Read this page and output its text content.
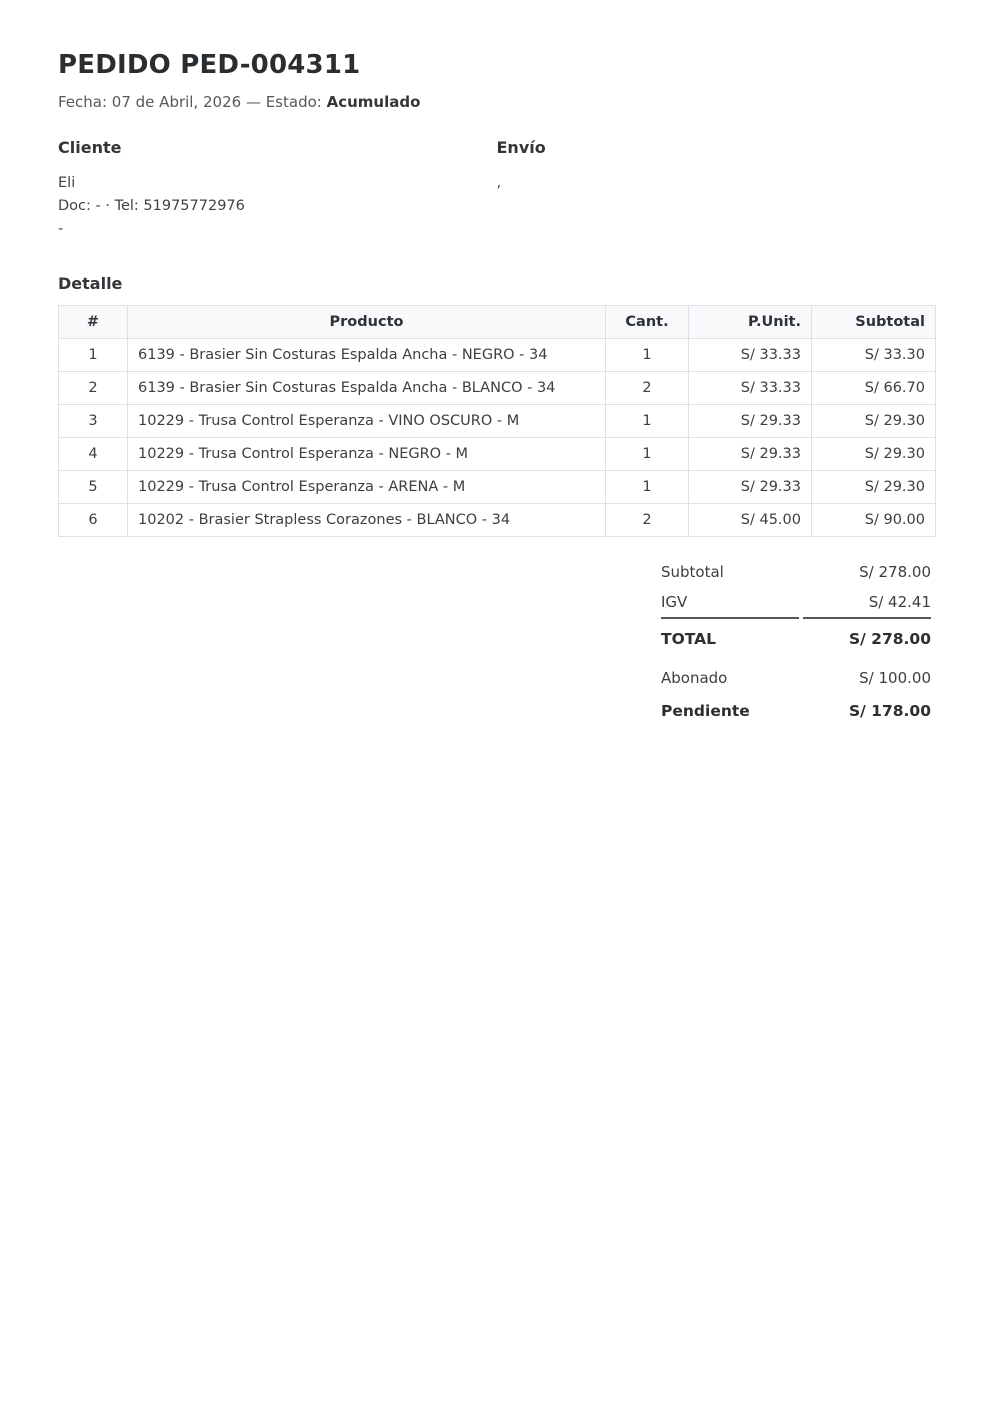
PEDIDO PED-004311

Fecha: 07 de Abril, 2026 — Estado: Acumulado

Cliente
Eli
Doc: - · Tel: 51975772976
-
Envío
,
Detalle
#	Producto	Cant.	P.Unit.	Subtotal
1	6139 - Brasier Sin Costuras Espalda Ancha - NEGRO - 34	1	S/ 33.33	S/ 33.30
2	6139 - Brasier Sin Costuras Espalda Ancha - BLANCO - 34	2	S/ 33.33	S/ 66.70
3	10229 - Trusa Control Esperanza - VINO OSCURO - M	1	S/ 29.33	S/ 29.30
4	10229 - Trusa Control Esperanza - NEGRO - M	1	S/ 29.33	S/ 29.30
5	10229 - Trusa Control Esperanza - ARENA - M	1	S/ 29.33	S/ 29.30
6	10202 - Brasier Strapless Corazones - BLANCO - 34	2	S/ 45.00	S/ 90.00
Subtotal	S/ 278.00
IGV	S/ 42.41
TOTAL	S/ 278.00
Abonado	S/ 100.00
Pendiente	S/ 178.00
